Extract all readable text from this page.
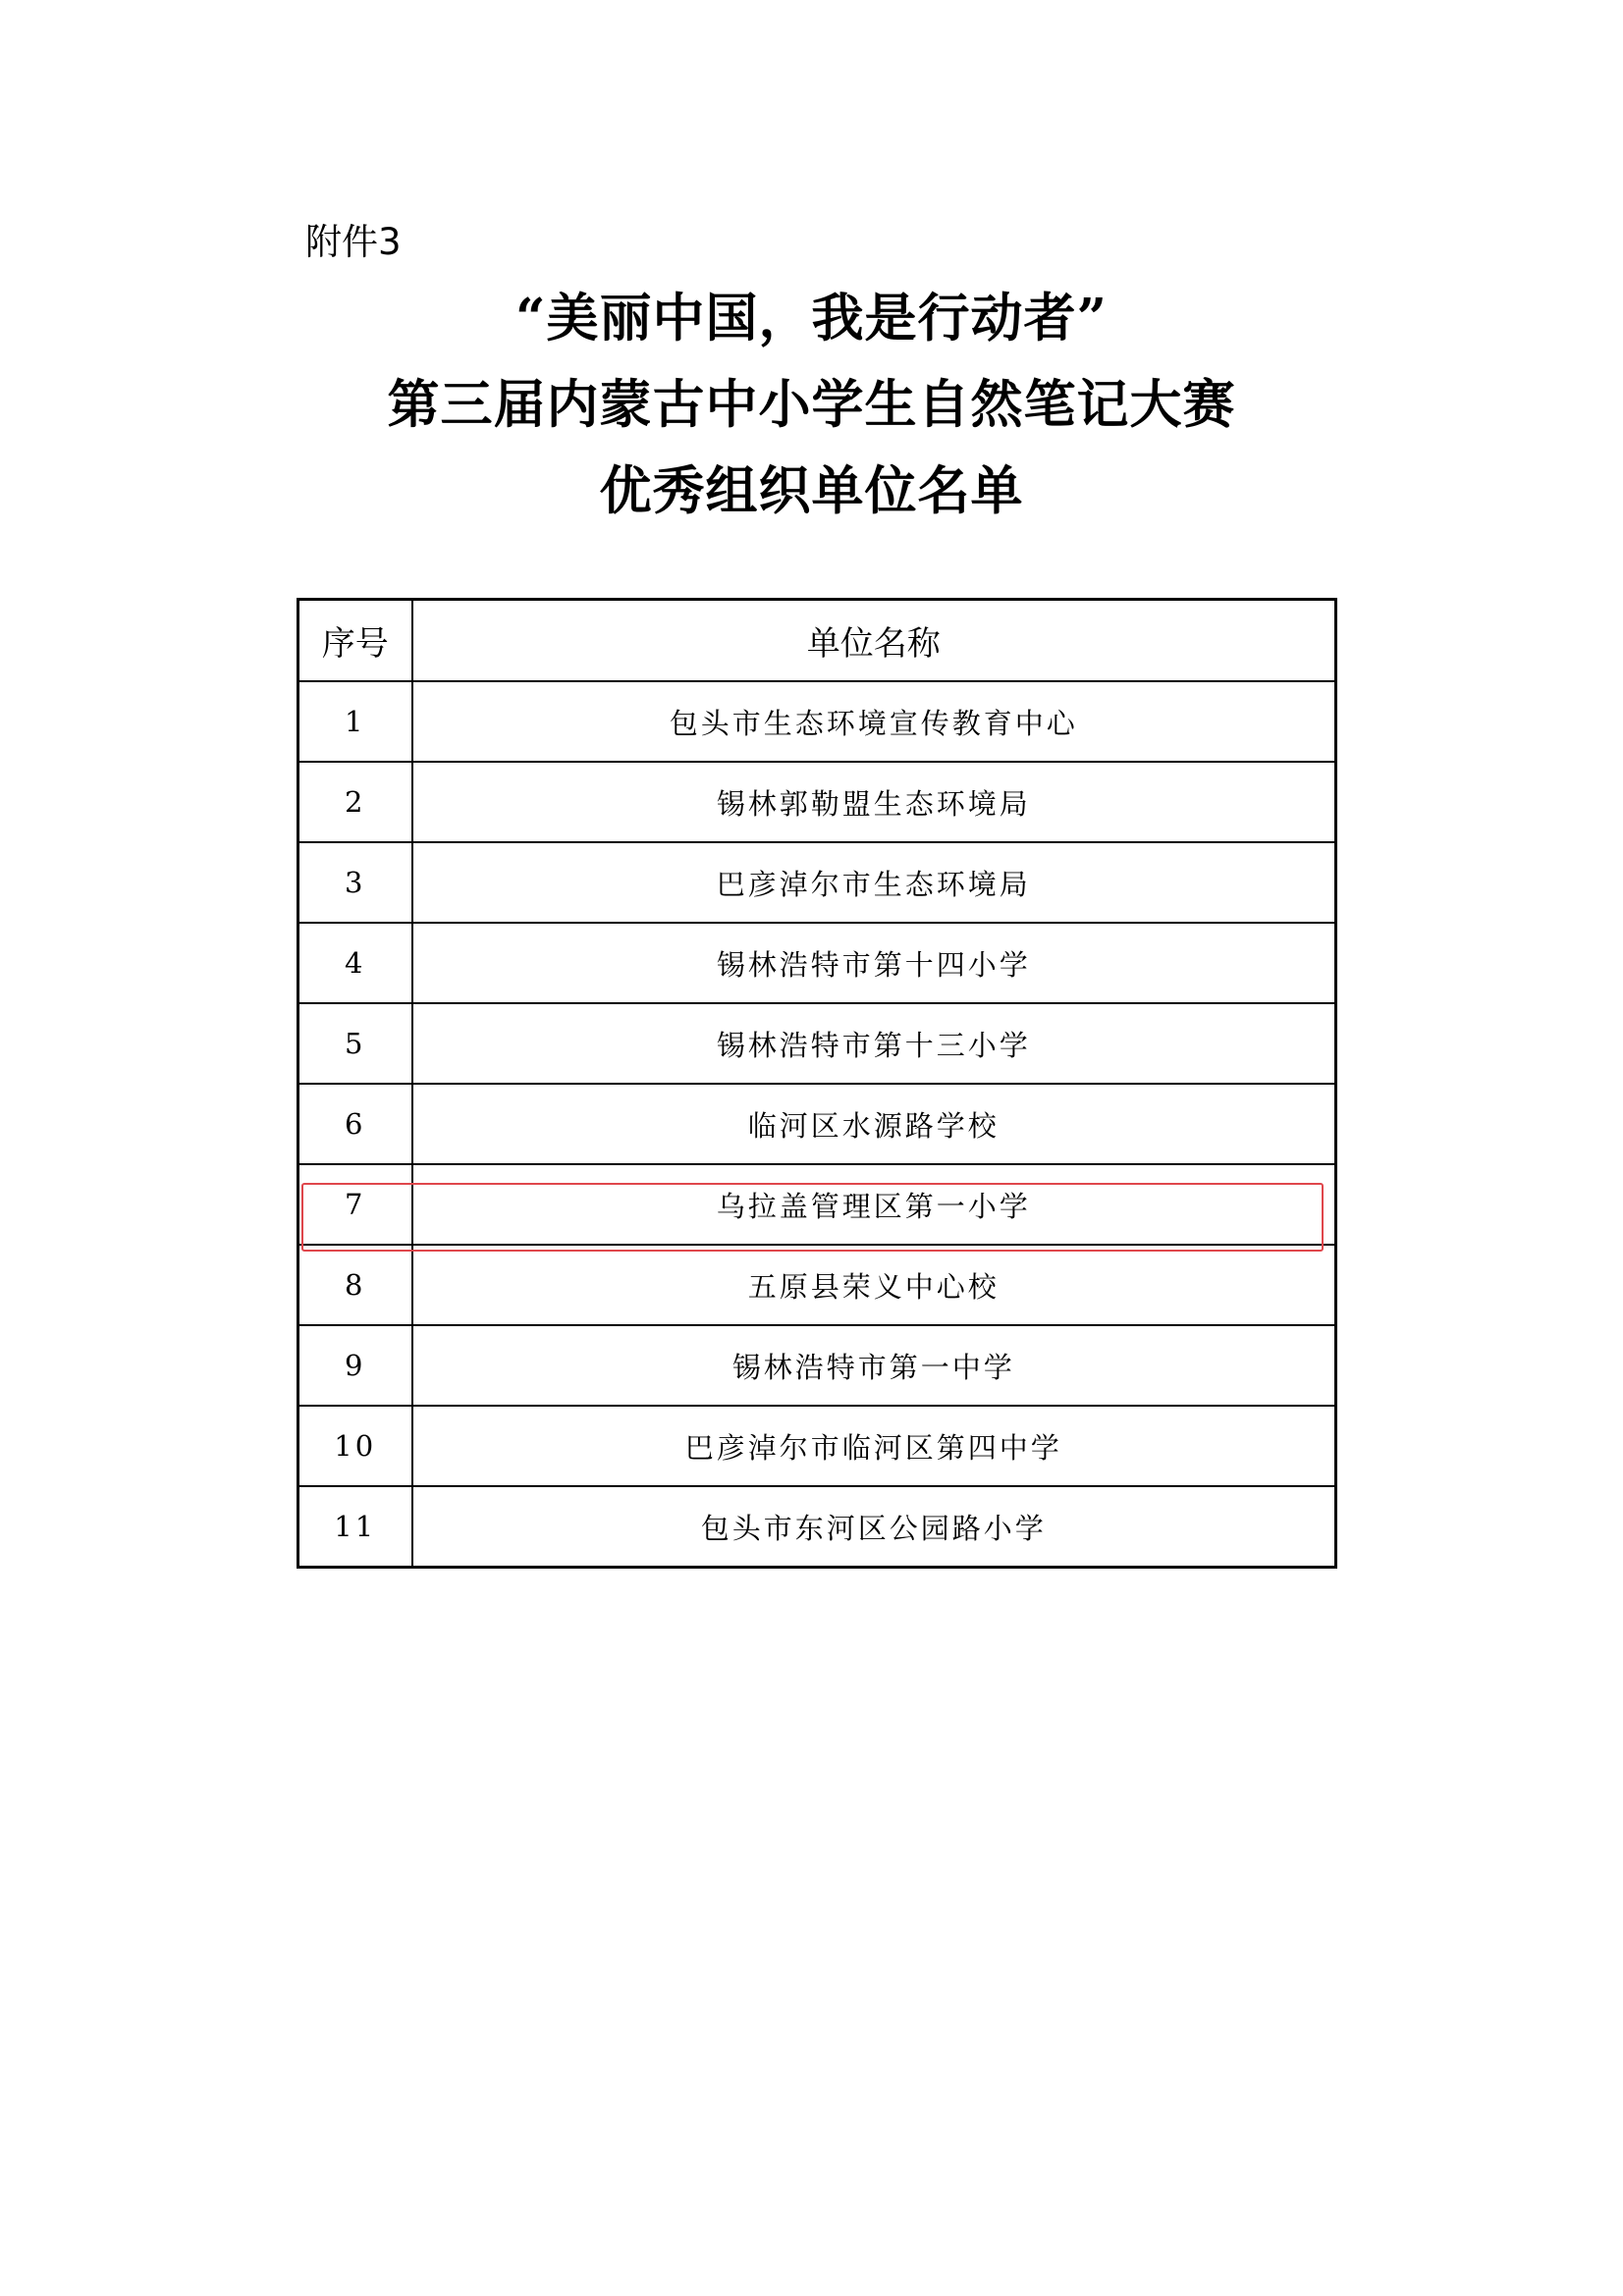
附件3
“美丽中国，我是行动者”
第三届内蒙古中小学生自然笔记大赛
优秀组织单位名单
序号	单位名称
1	包头市生态环境宣传教育中心
2	锡林郭勒盟生态环境局
3	巴彦淖尔市生态环境局
4	锡林浩特市第十四小学
5	锡林浩特市第十三小学
6	临河区水源路学校
7	乌拉盖管理区第一小学
8	五原县荣义中心校
9	锡林浩特市第一中学
10	巴彦淖尔市临河区第四中学
11	包头市东河区公园路小学
